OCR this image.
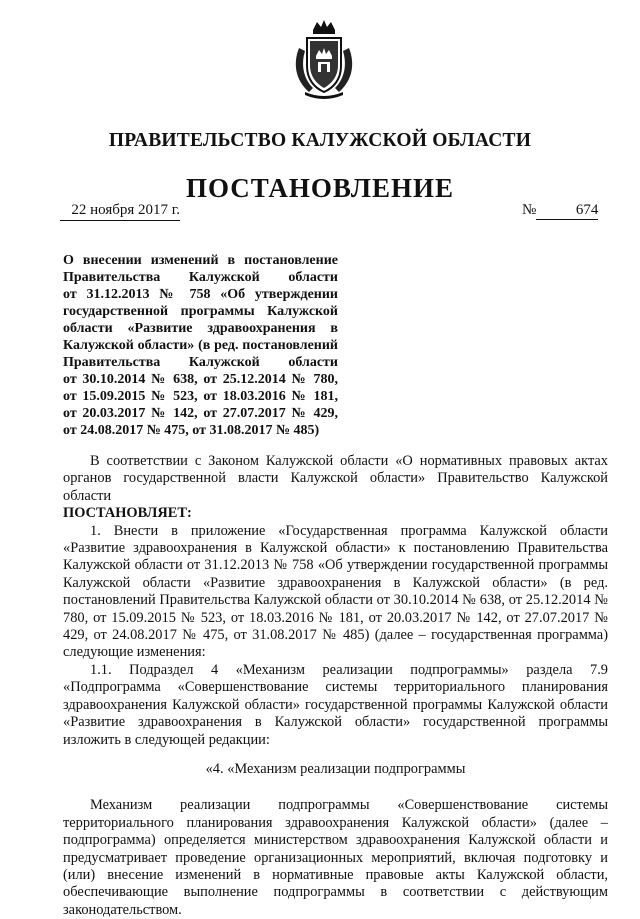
ПРАВИТЕЛЬСТВО КАЛУЖСКОЙ ОБЛАСТИ
ПОСТАНОВЛЕНИЕ
22 ноября 2017 г.	№	674
О внесении изменений в постановление
Правительства Калужской области
от 31.12.2013 № 758 «Об утверждении
государственной программы Калужской
области «Развитие здравоохранения в
Калужской области» (в ред. постановлений
Правительства Калужской области
от 30.10.2014 № 638, от 25.12.2014 № 780,
от 15.09.2015 № 523, от 18.03.2016 № 181,
от 20.03.2017 № 142, от 27.07.2017 № 429,
от 24.08.2017 № 475, от 31.08.2017 № 485)

В соответствии с Законом Калужской области «О нормативных правовых актах органов государственной власти Калужской области» Правительство Калужской области

ПОСТАНОВЛЯЕТ:

1. Внести в приложение «Государственная программа Калужской области «Развитие здравоохранения в Калужской области» к постановлению Правительства Калужской области от 31.12.2013 № 758 «Об утверждении государственной программы Калужской области «Развитие здравоохранения в Калужской области» (в ред. постановлений Правительства Калужской области от 30.10.2014 № 638, от 25.12.2014 № 780, от 15.09.2015 № 523, от 18.03.2016 № 181, от 20.03.2017 № 142, от 27.07.2017 № 429, от 24.08.2017 № 475, от 31.08.2017 № 485) (далее – государственная программа) следующие изменения:

1.1. Подраздел 4 «Механизм реализации подпрограммы» раздела 7.9 «Подпрограмма «Совершенствование системы территориального планирования здравоохранения Калужской области» государственной программы Калужской области «Развитие здравоохранения в Калужской области» государственной программы изложить в следующей редакции:

«4. «Механизм реализации подпрограммы

Механизм реализации подпрограммы «Совершенствование системы территориального планирования здравоохранения Калужской области» (далее – подпрограмма) определяется министерством здравоохранения Калужской области и предусматривает проведение организационных мероприятий, включая подготовку и (или) внесение изменений в нормативные правовые акты Калужской области, обеспечивающие выполнение подпрограммы в соответствии с действующим законодательством.
